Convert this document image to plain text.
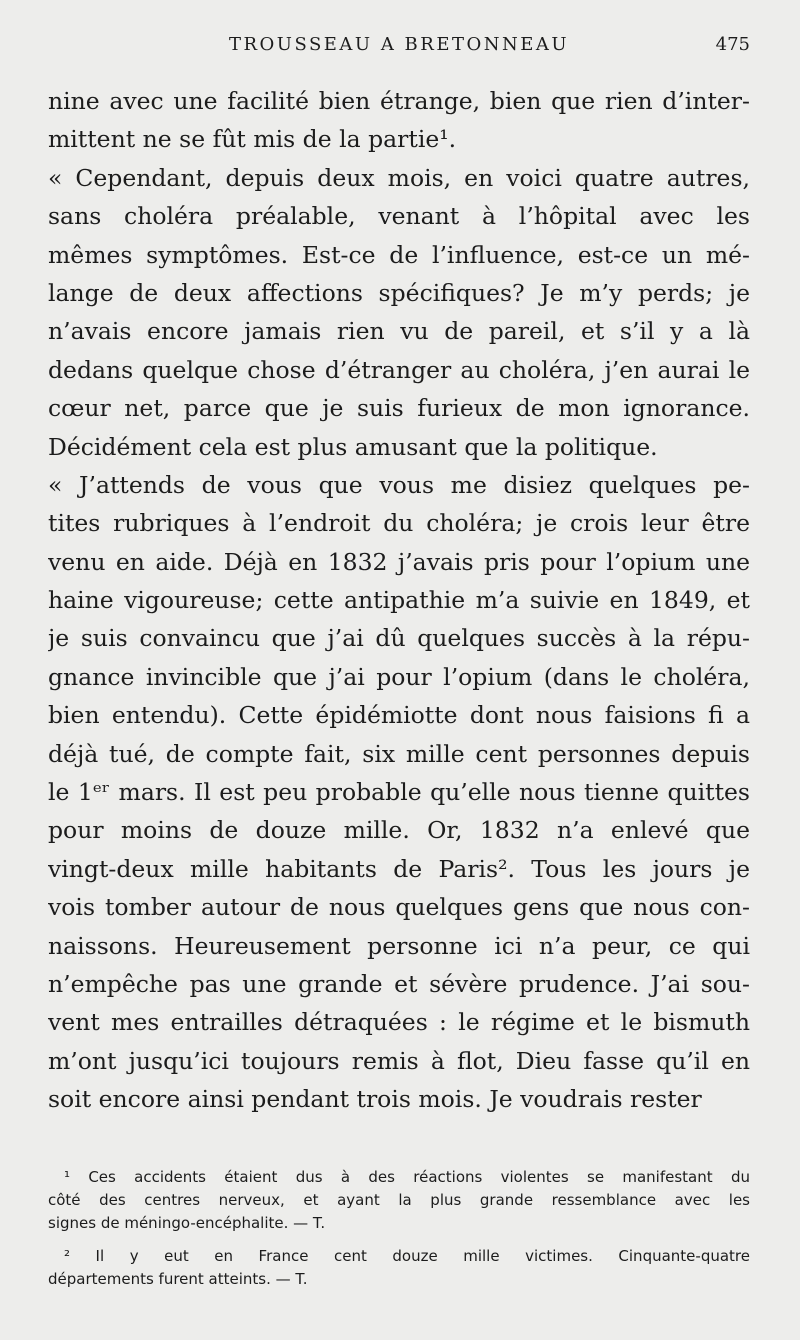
TROUSSEAU A BRETONNEAU	475
nine avec une facilité bien étrange, bien que rien d’inter-
mittent ne se fût mis de la partie¹.
« Cependant, depuis deux mois, en voici quatre autres,
sans choléra préalable, venant à l’hôpital avec les
mêmes symptômes. Est-ce de l’influence, est-ce un mé-
lange de deux affections spécifiques? Je m’y perds; je
n’avais encore jamais rien vu de pareil, et s’il y a là
dedans quelque chose d’étranger au choléra, j’en aurai le
cœur net, parce que je suis furieux de mon ignorance.
Décidément cela est plus amusant que la politique.
« J’attends de vous que vous me disiez quelques pe-
tites rubriques à l’endroit du choléra; je crois leur être
venu en aide. Déjà en 1832 j’avais pris pour l’opium une
haine vigoureuse; cette antipathie m’a suivie en 1849, et
je suis convaincu que j’ai dû quelques succès à la répu-
gnance invincible que j’ai pour l’opium (dans le choléra,
bien entendu). Cette épidémiotte dont nous faisions fi a
déjà tué, de compte fait, six mille cent personnes depuis
le 1ᵉʳ mars. Il est peu probable qu’elle nous tienne quittes
pour moins de douze mille. Or, 1832 n’a enlevé que
vingt-deux mille habitants de Paris². Tous les jours je
vois tomber autour de nous quelques gens que nous con-
naissons. Heureusement personne ici n’a peur, ce qui
n’empêche pas une grande et sévère prudence. J’ai sou-
vent mes entrailles détraquées : le régime et le bismuth
m’ont jusqu’ici toujours remis à flot, Dieu fasse qu’il en
soit encore ainsi pendant trois mois. Je voudrais rester
¹ Ces accidents étaient dus à des réactions violentes se manifestant du
côté des centres nerveux, et ayant la plus grande ressemblance avec les
signes de méningo-encéphalite. — T.
² Il y eut en France cent douze mille victimes. Cinquante-quatre
départements furent atteints. — T.
